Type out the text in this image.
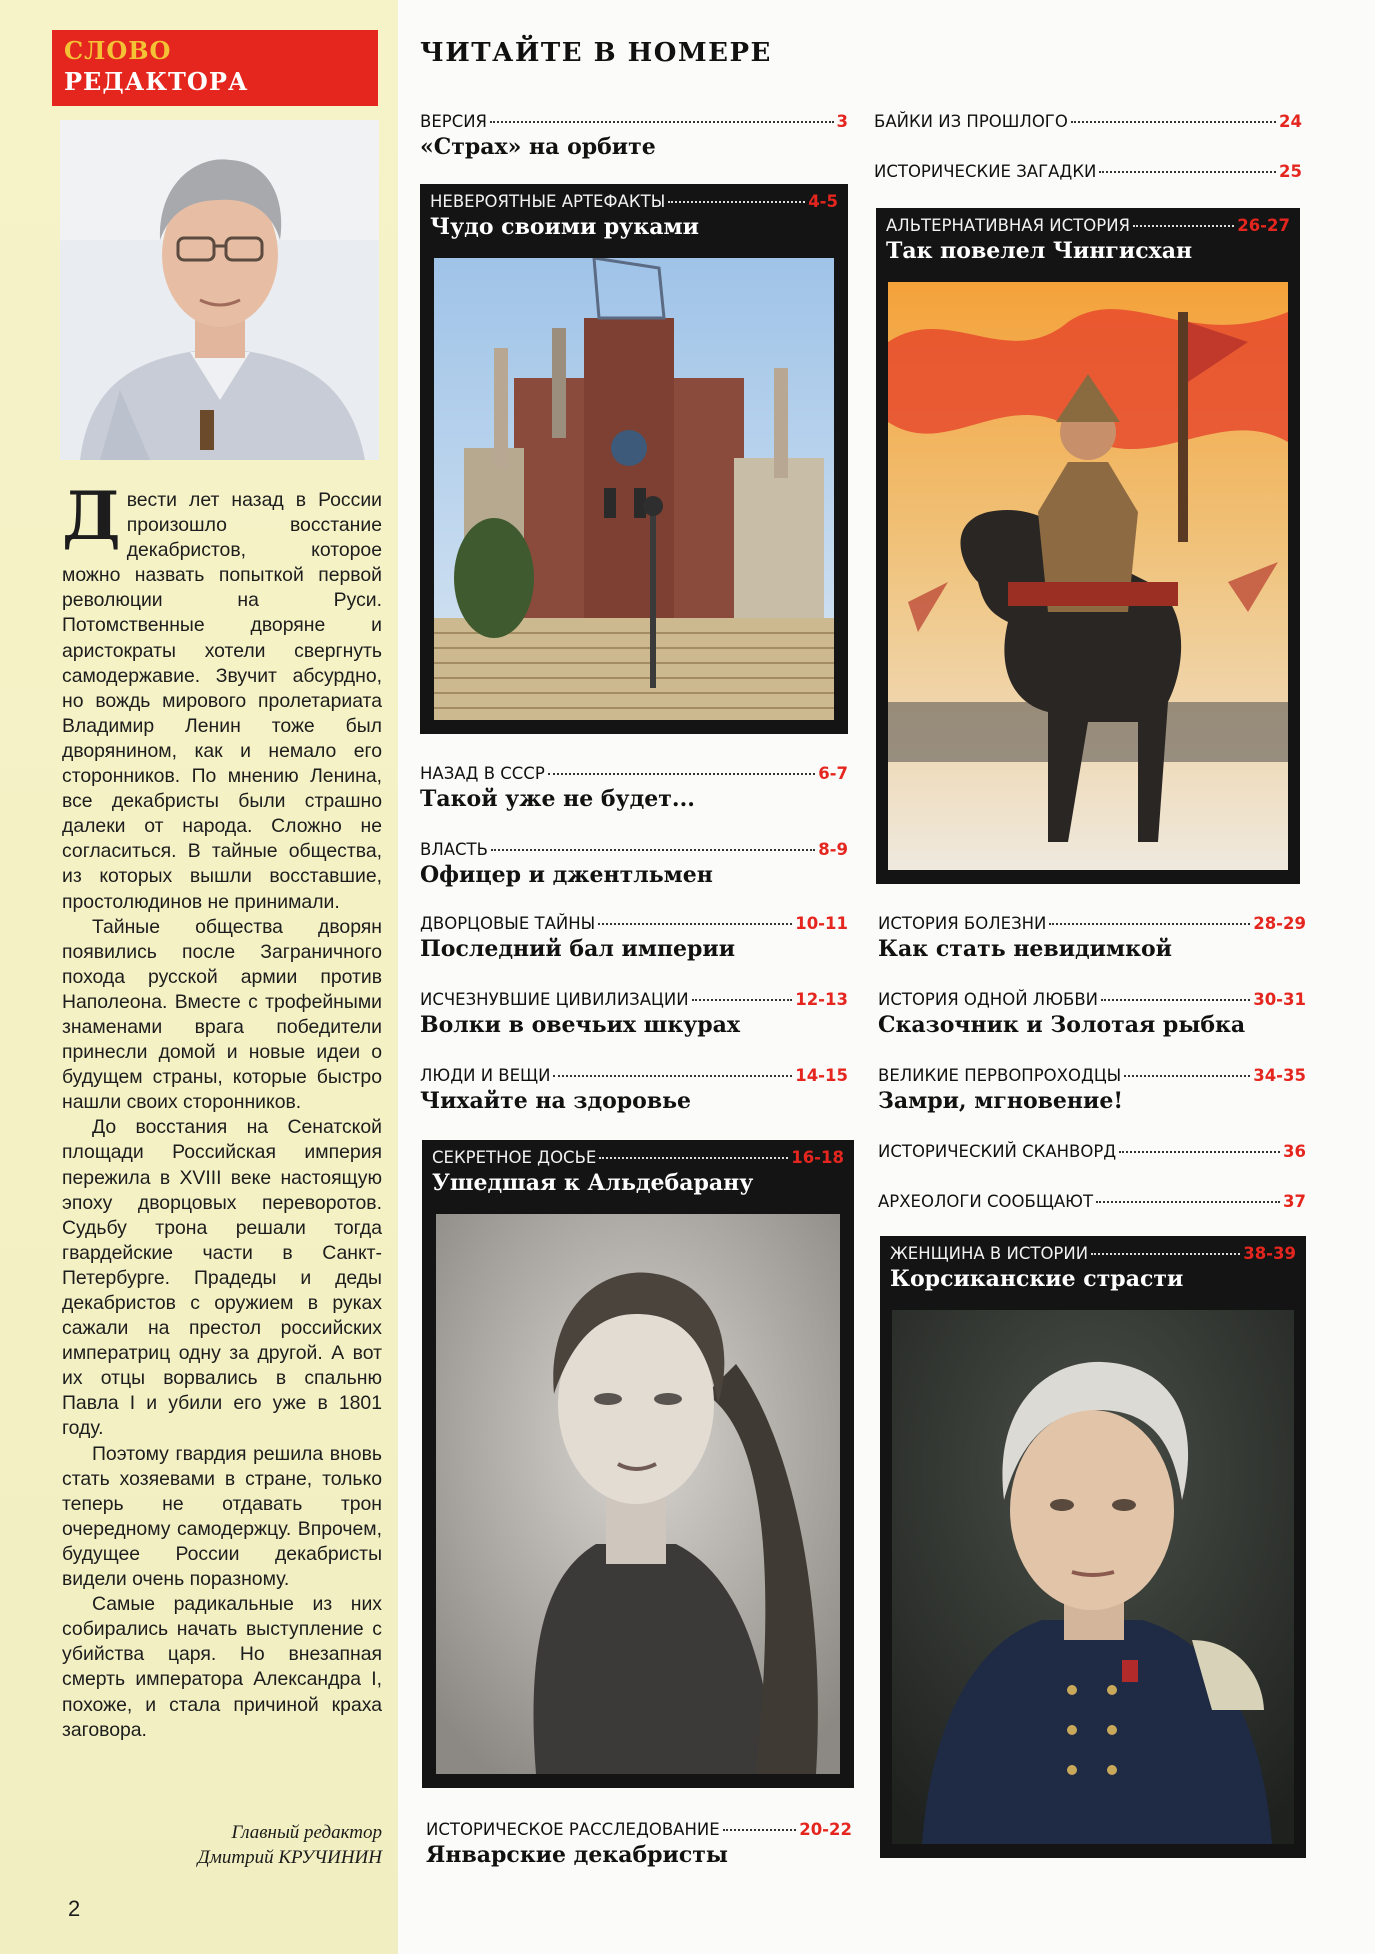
СЛОВО
РЕДАКТОРА

Двести лет назад в России произошло восстание декабристов, которое можно назвать попыткой первой революции на Руси. Потомственные дворяне и аристократы хотели свергнуть самодержавие. Звучит абсурдно, но вождь мирового пролетариата Владимир Ленин тоже был дворянином, как и немало его сторонников. По мнению Ленина, все декабристы были страшно далеки от народа. Сложно не согласиться. В тайные общества, из которых вышли восставшие, простолюдинов не принимали.

Тайные общества дворян появились после Заграничного похода русской армии против Наполеона. Вместе с трофейными знаменами врага победители принесли домой и новые идеи о будущем страны, которые быстро нашли своих сторонников.

До восстания на Сенатской площади Российская империя пережила в XVIII веке настоящую эпоху дворцовых переворотов. Судьбу трона решали тогда гвардейские части в Санкт-Петербурге. Прадеды и деды декабристов с оружием в руках сажали на престол российских императриц одну за другой. А вот их отцы ворвались в спальню Павла I и убили его уже в 1801 году.

Поэтому гвардия решила вновь стать хозяевами в стране, только теперь не отдавать трон очередному самодержцу. Впрочем, будущее России декабристы видели очень поразному.

Самые радикальные из них собирались начать выступление с убийства царя. Но внезапная смерть императора Александра I, похоже, и стала причиной краха заговора.

Главный редактор
Дмитрий КРУЧИНИН
2
ЧИТАЙТЕ В НОМЕРЕ
ВЕРСИЯ	3
«Страх» на орбите
НЕВЕРОЯТНЫЕ АРТЕФАКТЫ	4-5
Чудо своими руками
НАЗАД В СССР	6-7
Такой уже не будет...
ВЛАСТЬ	8-9
Офицер и джентльмен
ДВОРЦОВЫЕ ТАЙНЫ	10-11
Последний бал империи
ИСЧЕЗНУВШИЕ ЦИВИЛИЗАЦИИ	12-13
Волки в овечьих шкурах
ЛЮДИ И ВЕЩИ	14-15
Чихайте на здоровье
СЕКРЕТНОЕ ДОСЬЕ	16-18
Ушедшая к Альдебарану
ИСТОРИЧЕСКОЕ РАССЛЕДОВАНИЕ	20-22
Январские декабристы
БАЙКИ ИЗ ПРОШЛОГО	24
ИСТОРИЧЕСКИЕ ЗАГАДКИ	25
АЛЬТЕРНАТИВНАЯ ИСТОРИЯ	26-27
Так повелел Чингисхан
ИСТОРИЯ БОЛЕЗНИ	28-29
Как стать невидимкой
ИСТОРИЯ ОДНОЙ ЛЮБВИ	30-31
Сказочник и Золотая рыбка
ВЕЛИКИЕ ПЕРВОПРОХОДЦЫ	34-35
Замри, мгновение!
ИСТОРИЧЕСКИЙ СКАНВОРД	36
АРХЕОЛОГИ СООБЩАЮТ	37
ЖЕНЩИНА В ИСТОРИИ	38-39
Корсиканские страсти
